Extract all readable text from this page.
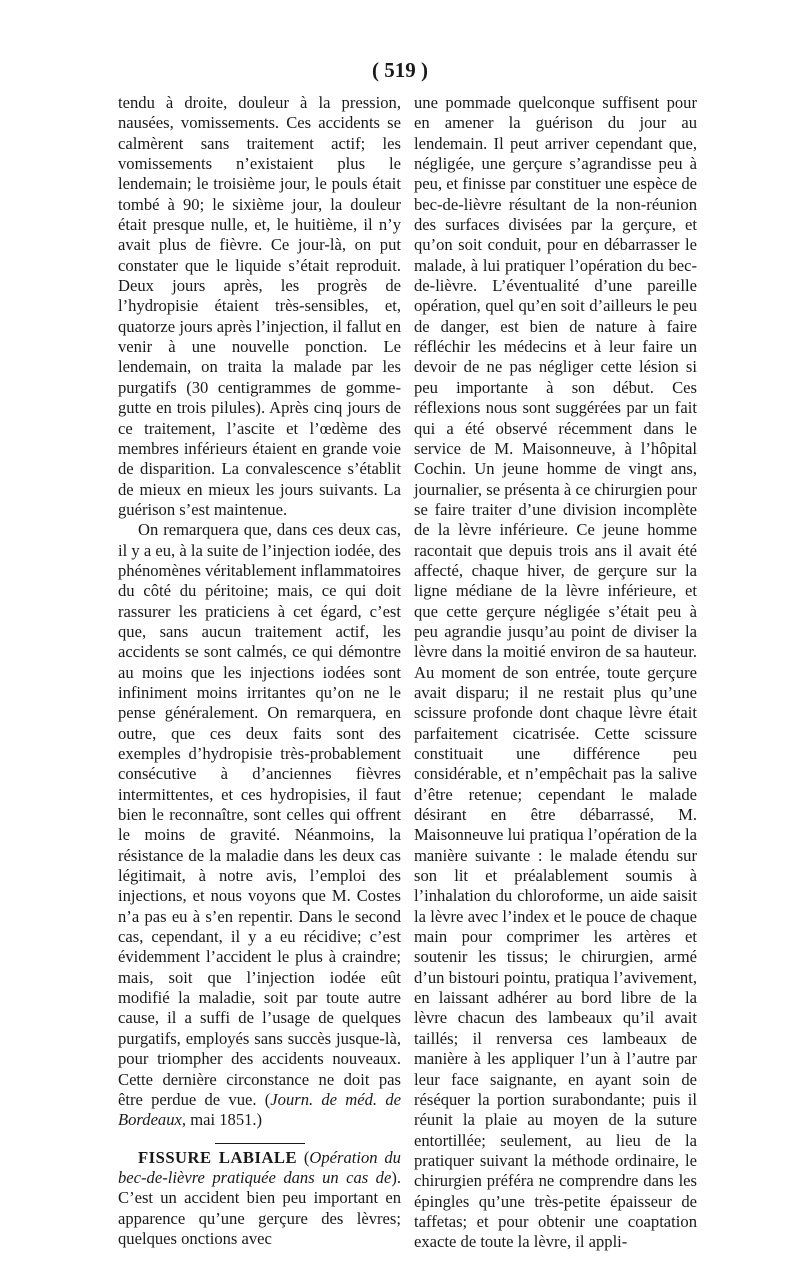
( 519 )

tendu à droite, douleur à la pression, nausées, vomissements. Ces accidents se calmèrent sans traitement actif; les vomissements n’existaient plus le lendemain; le troisième jour, le pouls était tombé à 90; le sixième jour, la douleur était presque nulle, et, le huitième, il n’y avait plus de fièvre. Ce jour-là, on put constater que le liquide s’était reproduit. Deux jours après, les progrès de l’hydropisie étaient très-sensibles, et, quatorze jours après l’injection, il fallut en venir à une nouvelle ponction. Le lendemain, on traita la malade par les purgatifs (30 centigrammes de gomme-gutte en trois pilules). Après cinq jours de ce traitement, l’ascite et l’œdème des membres inférieurs étaient en grande voie de disparition. La convalescence s’établit de mieux en mieux les jours suivants. La guérison s’est maintenue.

On remarquera que, dans ces deux cas, il y a eu, à la suite de l’injection iodée, des phénomènes véritablement inflammatoires du côté du péritoine; mais, ce qui doit rassurer les praticiens à cet égard, c’est que, sans aucun traitement actif, les accidents se sont calmés, ce qui démontre au moins que les injections iodées sont infiniment moins irritantes qu’on ne le pense généralement. On remarquera, en outre, que ces deux faits sont des exemples d’hydropisie très-probablement consécutive à d’anciennes fièvres intermittentes, et ces hydropisies, il faut bien le reconnaître, sont celles qui offrent le moins de gravité. Néanmoins, la résistance de la maladie dans les deux cas légitimait, à notre avis, l’emploi des injections, et nous voyons que M. Costes n’a pas eu à s’en repentir. Dans le second cas, cependant, il y a eu récidive; c’est évidemment l’accident le plus à craindre; mais, soit que l’injection iodée eût modifié la maladie, soit par toute autre cause, il a suffi de l’usage de quelques purgatifs, employés sans succès jusque-là, pour triompher des accidents nouveaux. Cette dernière circonstance ne doit pas être perdue de vue. (Journ. de méd. de Bordeaux, mai 1851.)

FISSURE LABIALE (Opération du bec-de-lièvre pratiquée dans un cas de). C’est un accident bien peu important en apparence qu’une gerçure des lèvres; quelques onctions avec

une pommade quelconque suffisent pour en amener la guérison du jour au lendemain. Il peut arriver cependant que, négligée, une gerçure s’agrandisse peu à peu, et finisse par constituer une espèce de bec-de-lièvre résultant de la non-réunion des surfaces divisées par la gerçure, et qu’on soit conduit, pour en débarrasser le malade, à lui pratiquer l’opération du bec-de-lièvre. L’éventualité d’une pareille opération, quel qu’en soit d’ailleurs le peu de danger, est bien de nature à faire réfléchir les médecins et à leur faire un devoir de ne pas négliger cette lésion si peu importante à son début. Ces réflexions nous sont suggérées par un fait qui a été observé récemment dans le service de M. Maisonneuve, à l’hôpital Cochin. Un jeune homme de vingt ans, journalier, se présenta à ce chirurgien pour se faire traiter d’une division incomplète de la lèvre inférieure. Ce jeune homme racontait que depuis trois ans il avait été affecté, chaque hiver, de gerçure sur la ligne médiane de la lèvre inférieure, et que cette gerçure négligée s’était peu à peu agrandie jusqu’au point de diviser la lèvre dans la moitié environ de sa hauteur. Au moment de son entrée, toute gerçure avait disparu; il ne restait plus qu’une scissure profonde dont chaque lèvre était parfaitement cicatrisée. Cette scissure constituait une différence peu considérable, et n’empêchait pas la salive d’être retenue; cependant le malade désirant en être débarrassé, M. Maisonneuve lui pratiqua l’opération de la manière suivante : le malade étendu sur son lit et préalablement soumis à l’inhalation du chloroforme, un aide saisit la lèvre avec l’index et le pouce de chaque main pour comprimer les artères et soutenir les tissus; le chirurgien, armé d’un bistouri pointu, pratiqua l’avivement, en laissant adhérer au bord libre de la lèvre chacun des lambeaux qu’il avait taillés; il renversa ces lambeaux de manière à les appliquer l’un à l’autre par leur face saignante, en ayant soin de réséquer la portion surabondante; puis il réunit la plaie au moyen de la suture entortillée; seulement, au lieu de la pratiquer suivant la méthode ordinaire, le chirurgien préféra ne comprendre dans les épingles qu’une très-petite épaisseur de taffetas; et pour obtenir une coaptation exacte de toute la lèvre, il appli-
